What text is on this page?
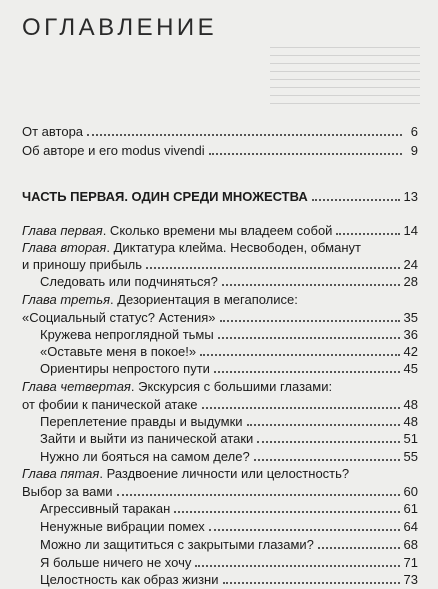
ОГЛАВЛЕНИЕ
От автора	6
Об авторе и его modus vivendi	9
ЧАСТЬ ПЕРВАЯ. ОДИН СРЕДИ МНОЖЕСТВА	13
Глава первая. Сколько времени мы владеем собой	14
Глава вторая. Диктатура клейма. Несвободен, обманут
и приношу прибыль	24
Следовать или подчиняться?	28
Глава третья. Дезориентация в мегаполисе:
«Социальный статус? Астения»	35
Кружева непроглядной тьмы	36
«Оставьте меня в покое!»	42
Ориентиры непростого пути	45
Глава четвертая. Экскурсия с большими глазами:
от фобии к панической атаке	48
Переплетение правды и выдумки	48
Зайти и выйти из панической атаки	51
Нужно ли бояться на самом деле?	55
Глава пятая. Раздвоение личности или целостность?
Выбор за вами	60
Агрессивный таракан	61
Ненужные вибрации помех	64
Можно ли защититься с закрытыми глазами?	68
Я больше ничего не хочу	71
Целостность как образ жизни	73
